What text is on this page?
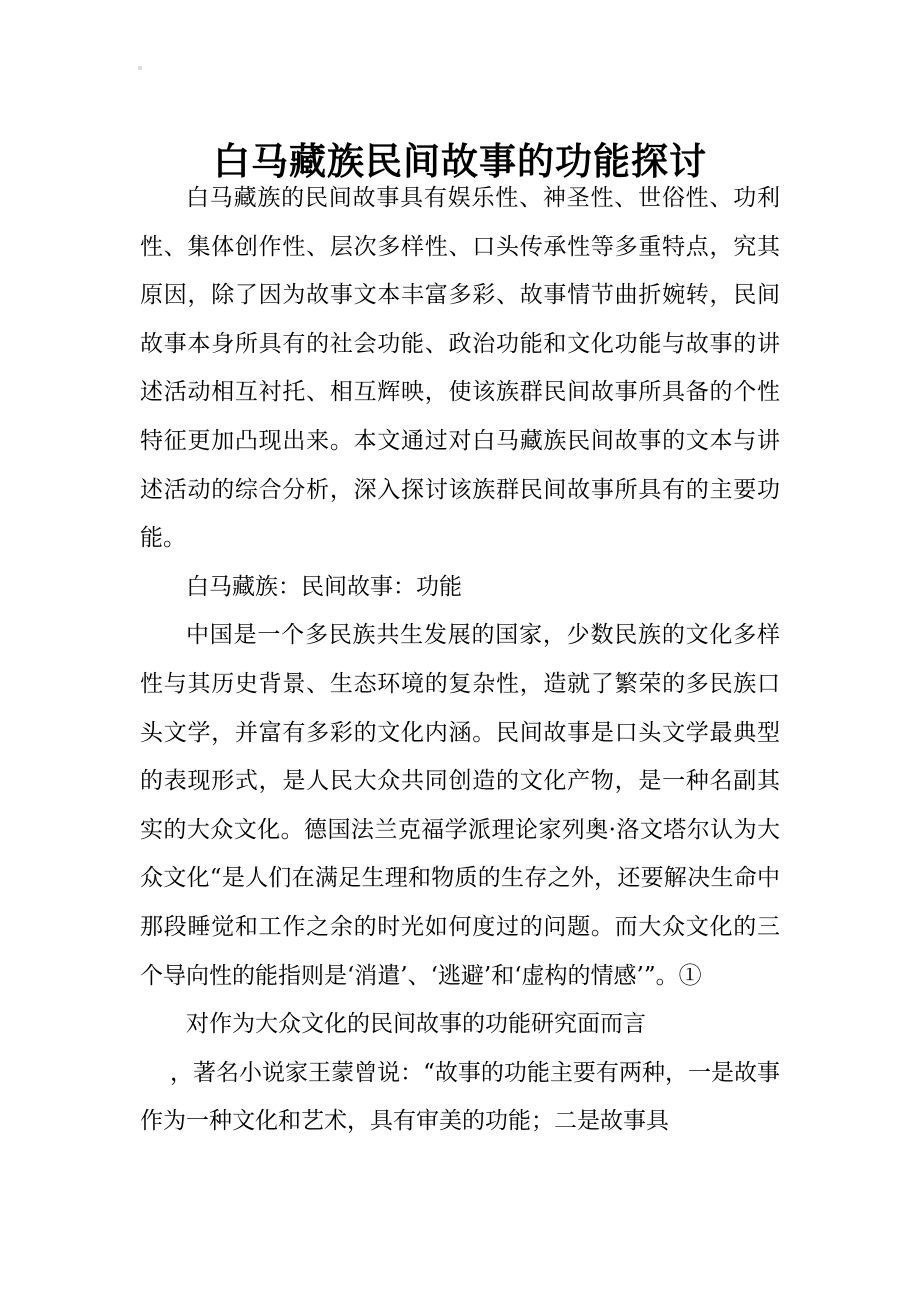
白马藏族民间故事的功能探讨

白马藏族的民间故事具有娱乐性、神圣性、世俗性、功利性、集体创作性、层次多样性、口头传承性等多重特点，究其原因，除了因为故事文本丰富多彩、故事情节曲折婉转，民间故事本身所具有的社会功能、政治功能和文化功能与故事的讲述活动相互衬托、相互辉映，使该族群民间故事所具备的个性特征更加凸现出来。本文通过对白马藏族民间故事的文本与讲述活动的综合分析，深入探讨该族群民间故事所具有的主要功能。

白马藏族：民间故事：功能

中国是一个多民族共生发展的国家，少数民族的文化多样性与其历史背景、生态环境的复杂性，造就了繁荣的多民族口头文学，并富有多彩的文化内涵。民间故事是口头文学最典型的表现形式，是人民大众共同创造的文化产物，是一种名副其实的大众文化。德国法兰克福学派理论家列奥·洛文塔尔认为大众文化“是人们在满足生理和物质的生存之外，还要解决生命中那段睡觉和工作之余的时光如何度过的问题。而大众文化的三个导向性的能指则是‘消遣’、‘逃避’和‘虚构的情感’”。①

对作为大众文化的民间故事的功能研究面而言

，著名小说家王蒙曾说：“故事的功能主要有两种，一是故事作为一种文化和艺术，具有审美的功能；二是故事具
